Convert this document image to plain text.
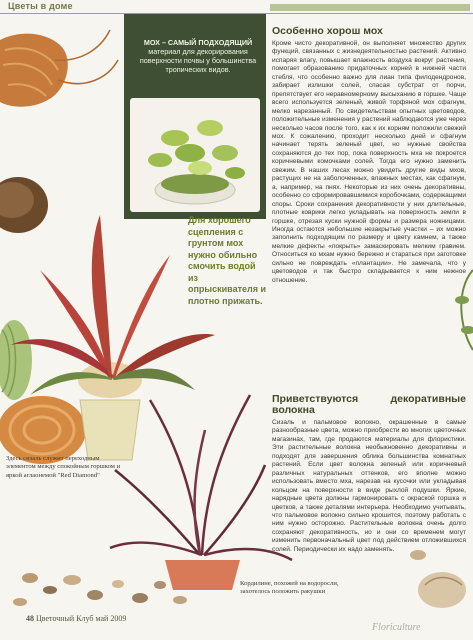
Цветы в доме
МОХ – САМЫЙ ПОДХОДЯЩИЙ материал для декорирования поверхности почвы у большинства тропических видов.
Для хорошего сцепления с грунтом мох нужно обильно смочить водой из опрыскивателя и плотно прижать.
Особенно хорош мох

Кроме чисто декоративной, он выполняет множество других функций, связанных с жизнедеятельностью растений. Активно испаряя влагу, повышает влажность воздуха вокруг растения, помогает образованию придаточных корней в нижней части стебля, что особенно важно для лиан типа филодендронов, забирает излишки солей, спасая субстрат от порчи, препятствует его неравномерному высыханию в горшке. Чаще всего используется зеленый, живой торфяной мох сфагнум, мелко нарезанный. По свидетельствам опытных цветоводов, положительные изменения у растений наблюдаются уже через несколько часов после того, как к их корням положили свежий мох. К сожалению, проходит несколько дней и сфагнум начинает терять зеленый цвет, но нужные свойства сохраняются до тех пор, пока поверхность мха не покроется коричневыми комочками солей. Тогда его нужно заменить свежим. В наших лесах можно увидеть другие виды мхов, растущих не на заболоченных, влажных местах, как сфагнум, а, например, на пнях. Некоторые из них очень декоративны, особенно со сформировавшимися коробочками, содержащими споры. Сроки сохранения декоративности у них длительные, плотные коврики легко укладывать на поверхность земли в горшке, отрезая куски нужной формы и размера ножницами. Иногда остаются небольшие незакрытые участки – их можно заполнить подходящим по размеру и цвету камнем, а также мелкие дефекты «покрыть» замаскировать мелким гравием. Относиться ко мхам нужно бережно и стараться при заготовке сильно не повреждать «плантации». Не замечала, что у цветоводов и так быстро складывается к ним нежное отношение.

Приветствуются декоративные волокна

Сизаль и пальмовое волокно, окрашенные в самые разнообразные цвета, можно приобрести во многих цветочных магазинах, там, где продаются материалы для флористики. Эти растительные волокна необыкновенно декоративны и подходят для завершения облика большинства комнатных растений. Если цвет волокна зеленый или коричневый различных натуральных оттенков, его вполне можно использовать вместо мха, нарезав на кусочки или укладывая кольцом на поверхности в виде рыхлой подушки. Яркие, нарядные цвета должны гармонировать с окраской горшка и цветков, а также деталями интерьера. Необходимо учитывать, что пальмовое волокно сильно крошится, поэтому работать с ним нужно осторожно. Растительные волокна очень долго сохраняют декоративность, но и они со временем могут изменить первоначальный цвет под действием отложившихся солей. Периодически их надо заменять.

Здесь сизаль служит переходным элементом между спокойным горшком и яркой аглаонемой "Red Diamond"
Кордилине, похожей на водоросли, захотелось положить ракушки
48 Цветочный Клуб май 2009
Floriculture
